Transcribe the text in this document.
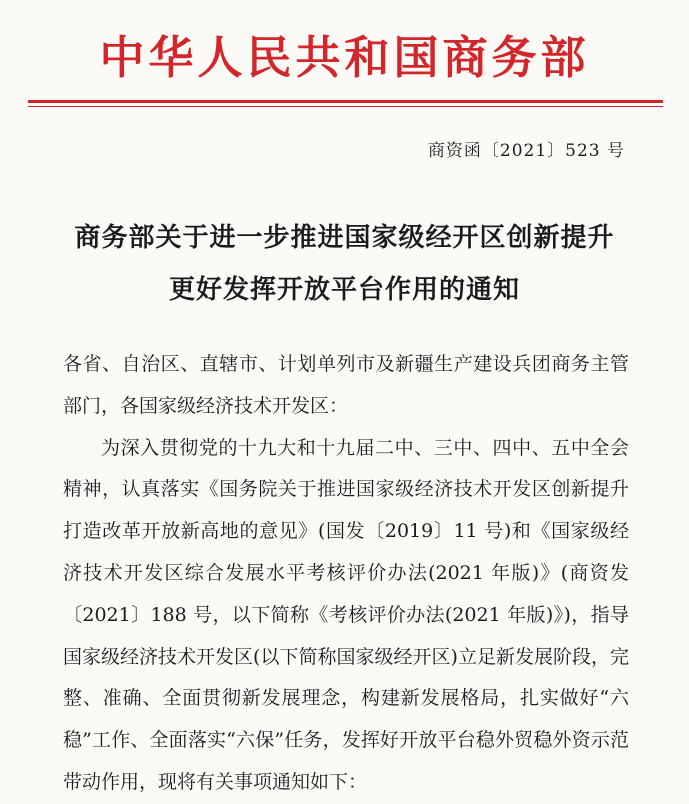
中华人民共和国商务部
商资函〔2021〕523 号
商务部关于进一步推进国家级经开区创新提升
更好发挥开放平台作用的通知

各省、自治区、直辖市、计划单列市及新疆生产建设兵团商务主管部门，各国家级经济技术开发区：

为深入贯彻党的十九大和十九届二中、三中、四中、五中全会精神，认真落实《国务院关于推进国家级经济技术开发区创新提升打造改革开放新高地的意见》(国发〔2019〕11 号)和《国家级经济技术开发区综合发展水平考核评价办法(2021 年版)》(商资发〔2021〕188 号，以下简称《考核评价办法(2021 年版)》)，指导国家级经济技术开发区(以下简称国家级经开区)立足新发展阶段，完整、准确、全面贯彻新发展理念，构建新发展格局，扎实做好“六稳”工作、全面落实“六保”任务，发挥好开放平台稳外贸稳外资示范带动作用，现将有关事项通知如下：
